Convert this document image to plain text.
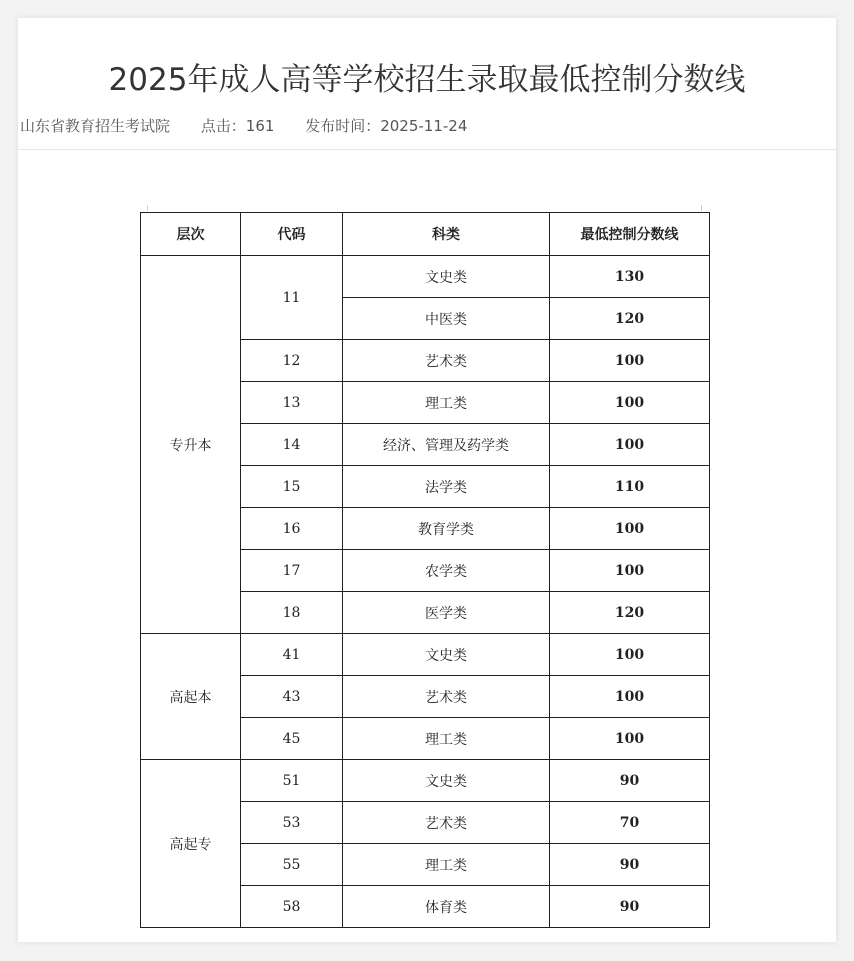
2025年成人高等学校招生录取最低控制分数线
山东省教育招生考试院 点击：161 发布时间：2025-11-24
层次	代码	科类	最低控制分数线
专升本	11	文史类	130
		中医类	120
	12	艺术类	100
	13	理工类	100
	14	经济、管理及药学类	100
	15	法学类	110
	16	教育学类	100
	17	农学类	100
	18	医学类	120
高起本	41	文史类	100
	43	艺术类	100
	45	理工类	100
高起专	51	文史类	90
	53	艺术类	70
	55	理工类	90
	58	体育类	90
